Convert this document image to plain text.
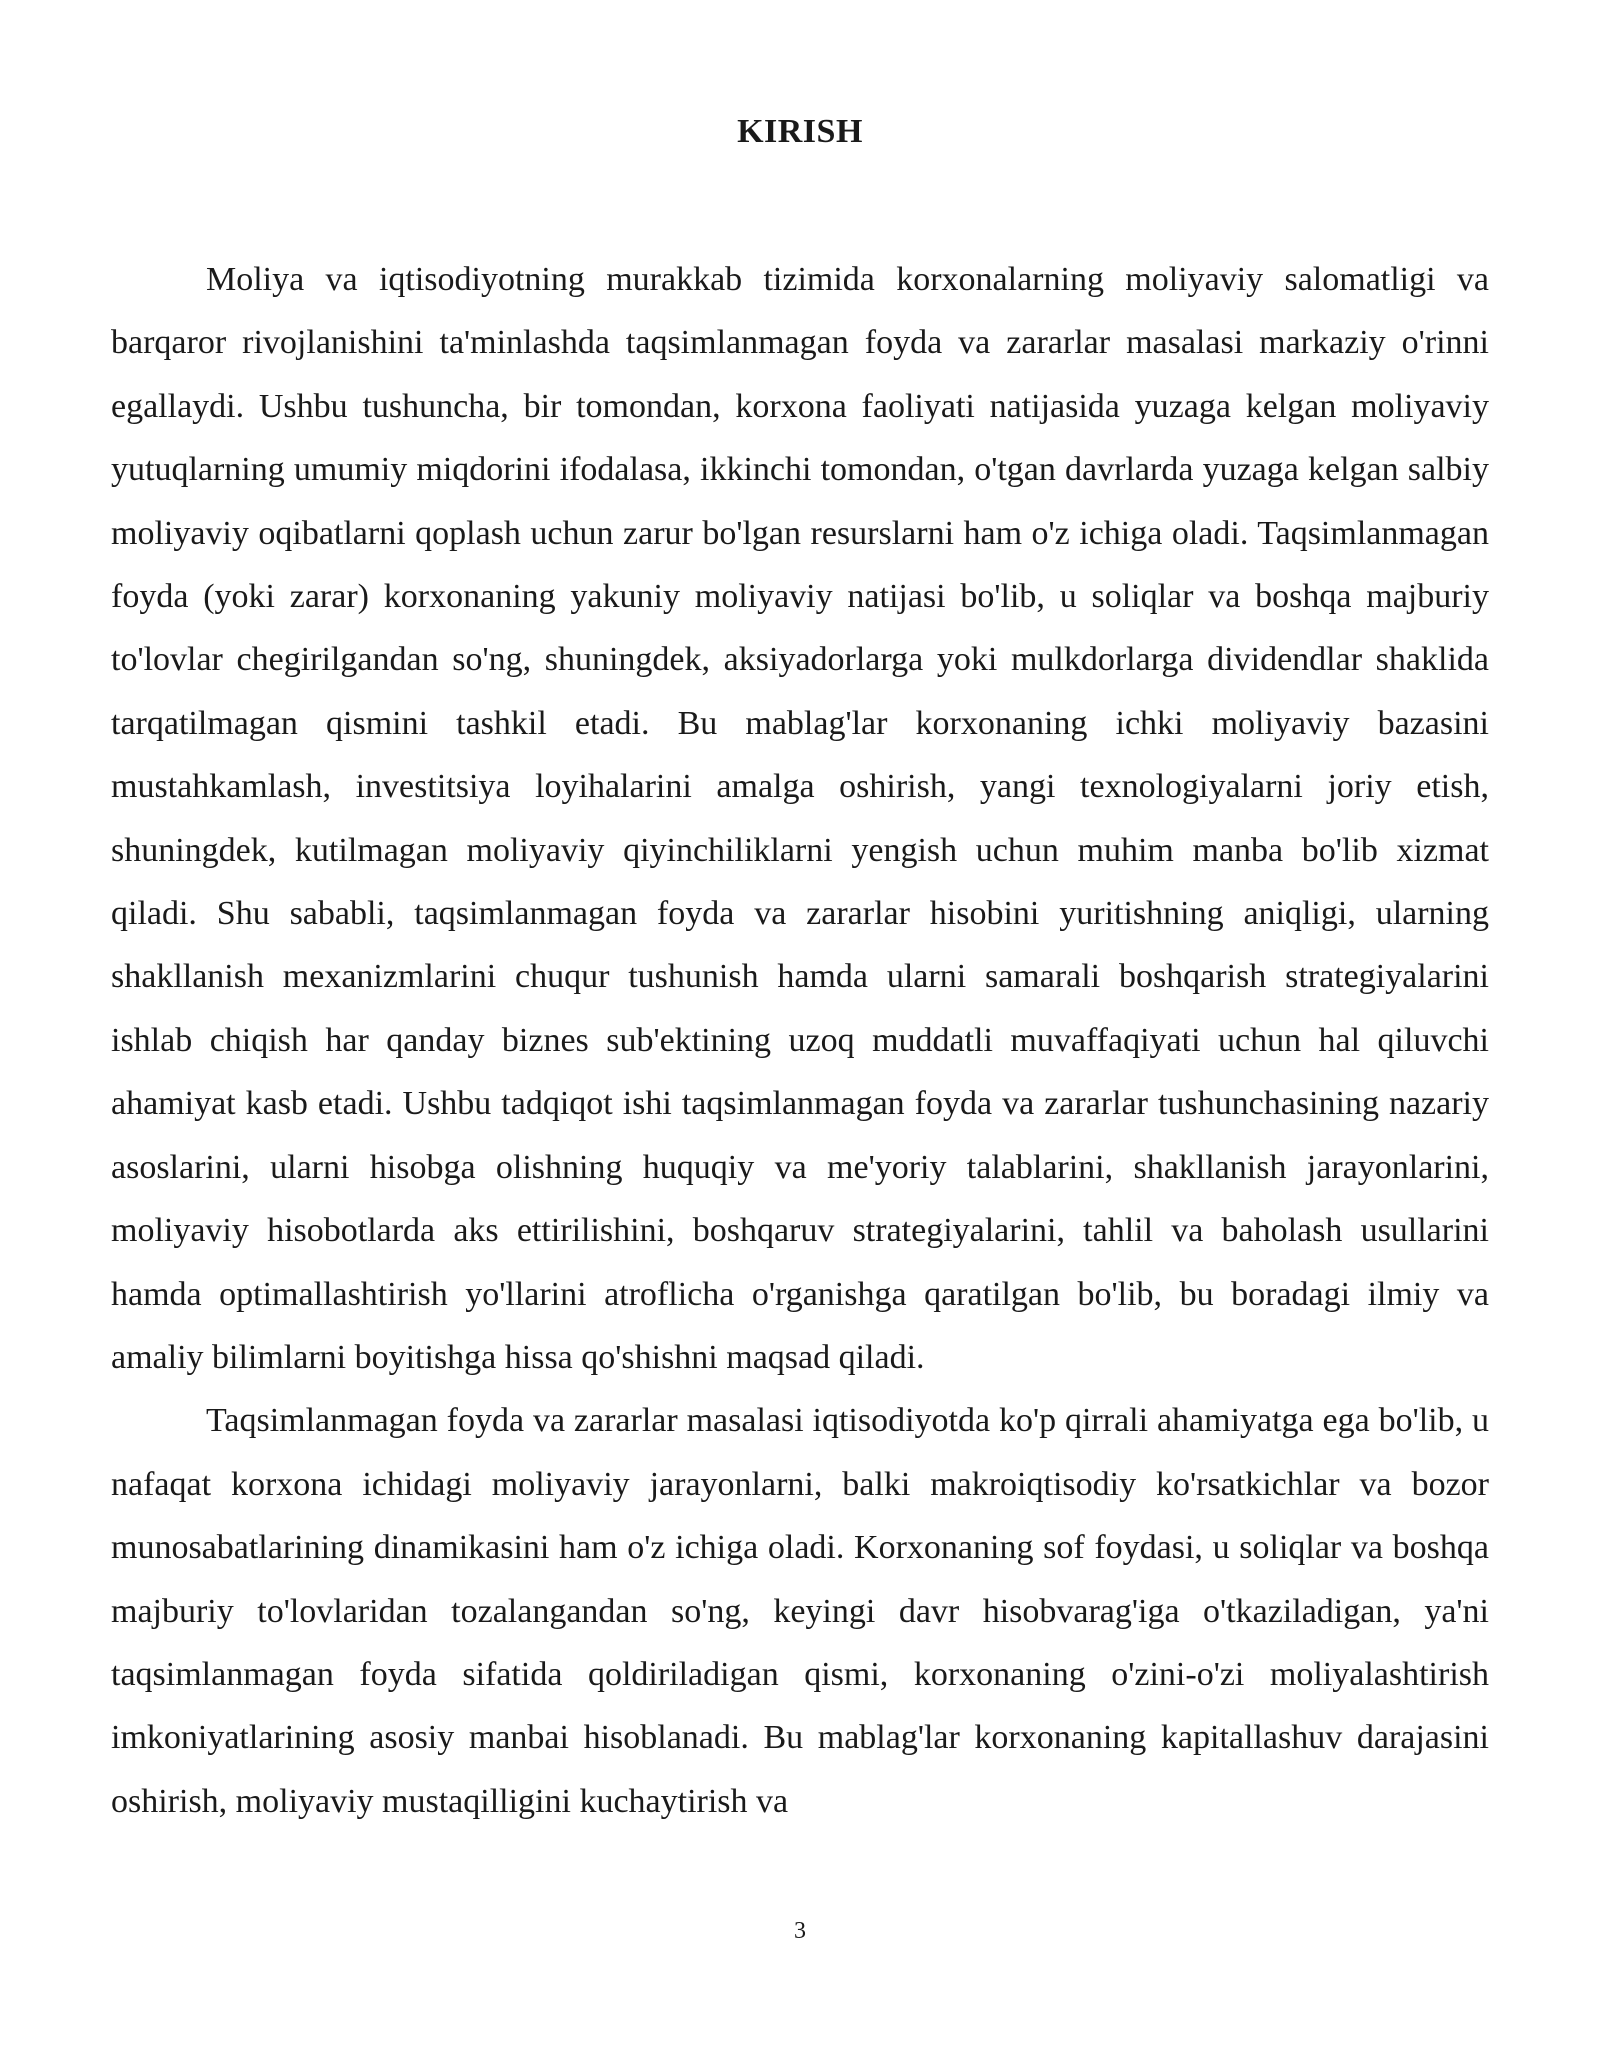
KIRISH

Moliya va iqtisodiyotning murakkab tizimida korxonalarning moliyaviy salomatligi va barqaror rivojlanishini ta'minlashda taqsimlanmagan foyda va zararlar masalasi markaziy o'rinni egallaydi. Ushbu tushuncha, bir tomondan, korxona faoliyati natijasida yuzaga kelgan moliyaviy yutuqlarning umumiy miqdorini ifodalasa, ikkinchi tomondan, o'tgan davrlarda yuzaga kelgan salbiy moliyaviy oqibatlarni qoplash uchun zarur bo'lgan resurslarni ham o'z ichiga oladi. Taqsimlanmagan foyda (yoki zarar) korxonaning yakuniy moliyaviy natijasi bo'lib, u soliqlar va boshqa majburiy to'lovlar chegirilgandan so'ng, shuningdek, aksiyadorlarga yoki mulkdorlarga dividendlar shaklida tarqatilmagan qismini tashkil etadi. Bu mablag'lar korxonaning ichki moliyaviy bazasini mustahkamlash, investitsiya loyihalarini amalga oshirish, yangi texnologiyalarni joriy etish, shuningdek, kutilmagan moliyaviy qiyinchiliklarni yengish uchun muhim manba bo'lib xizmat qiladi. Shu sababli, taqsimlanmagan foyda va zararlar hisobini yuritishning aniqligi, ularning shakllanish mexanizmlarini chuqur tushunish hamda ularni samarali boshqarish strategiyalarini ishlab chiqish har qanday biznes sub'ektining uzoq muddatli muvaffaqiyati uchun hal qiluvchi ahamiyat kasb etadi. Ushbu tadqiqot ishi taqsimlanmagan foyda va zararlar tushunchasining nazariy asoslarini, ularni hisobga olishning huquqiy va me'yoriy talablarini, shakllanish jarayonlarini, moliyaviy hisobotlarda aks ettirilishini, boshqaruv strategiyalarini, tahlil va baholash usullarini hamda optimallashtirish yo'llarini atroflicha o'rganishga qaratilgan bo'lib, bu boradagi ilmiy va amaliy bilimlarni boyitishga hissa qo'shishni maqsad qiladi.

Taqsimlanmagan foyda va zararlar masalasi iqtisodiyotda ko'p qirrali ahamiyatga ega bo'lib, u nafaqat korxona ichidagi moliyaviy jarayonlarni, balki makroiqtisodiy ko'rsatkichlar va bozor munosabatlarining dinamikasini ham o'z ichiga oladi. Korxonaning sof foydasi, u soliqlar va boshqa majburiy to'lovlaridan tozalangandan so'ng, keyingi davr hisobvarag'iga o'tkaziladigan, ya'ni taqsimlanmagan foyda sifatida qoldiriladigan qismi, korxonaning o'zini-o'zi moliyalashtirish imkoniyatlarining asosiy manbai hisoblanadi. Bu mablag'lar korxonaning kapitallashuv darajasini oshirish, moliyaviy mustaqilligini kuchaytirish va

3
